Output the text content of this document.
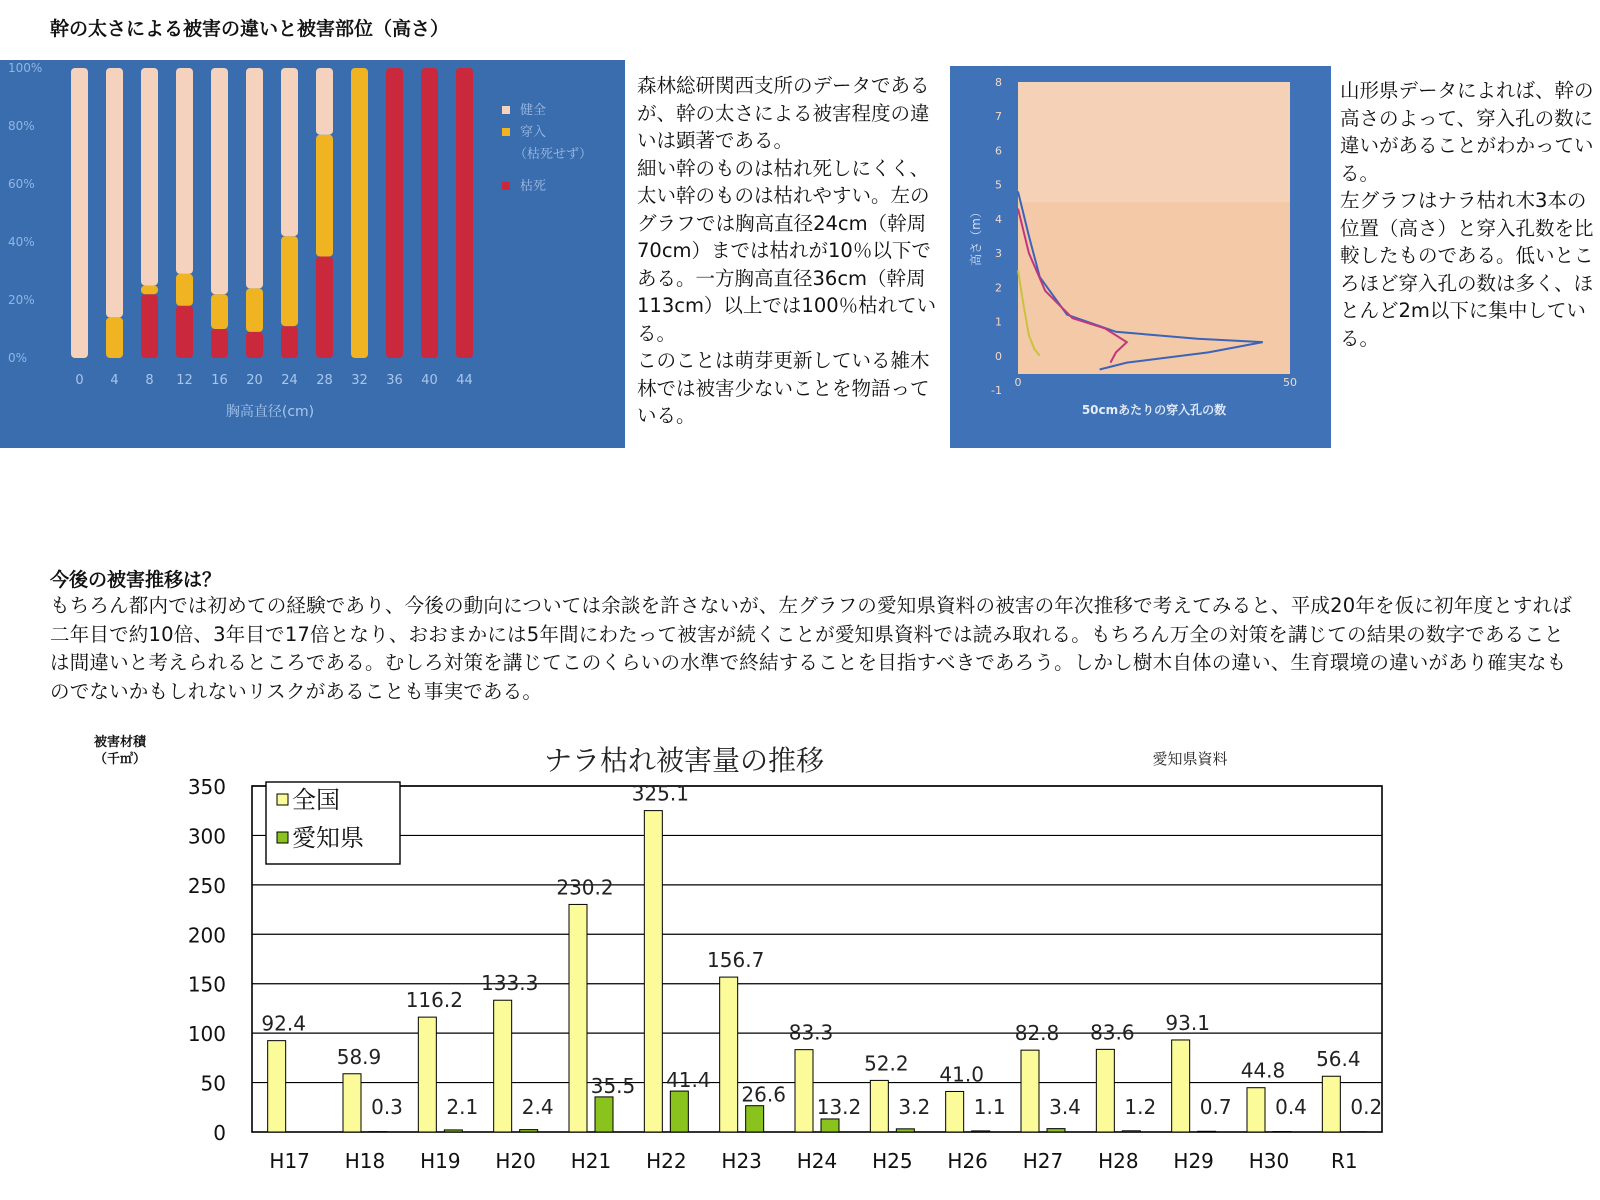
幹の太さによる被害の違いと被害部位（高さ）
0%
20%
40%
60%
80%
100%
0 4 8 12 16 20 24 28 32 36 40 44
胸高直径(cm)
健全
穿入
（枯死せず）
枯死
森林総研関西支所のデータであるが、幹の太さによる被害程度の違いは顕著である。
細い幹のものは枯れ死しにくく、太い幹のものは枯れやすい。左のグラフでは胸高直径24cm（幹周70cm）までは枯れが10％以下である。一方胸高直径36cm（幹周113cm）以上では100％枯れている。
このことは萌芽更新している雑木林では被害少ないことを物語っている。
-1
0
1
2
3
4
5
6
7
8
0	50
高さ（m）
50cmあたりの穿入孔の数
山形県データによれば、幹の高さのよって、穿入孔の数に違いがあることがわかっている。
左グラフはナラ枯れ木3本の位置（高さ）と穿入孔数を比較したものである。低いところほど穿入孔の数は多く、ほとんど2m以下に集中している。
今後の被害推移は？
もちろん都内では初めての経験であり、今後の動向については余談を許さないが、左グラフの愛知県資料の被害の年次推移で考えてみると、平成20年を仮に初年度とすれば二年目で約10倍、3年目で17倍となり、おおまかには5年間にわたって被害が続くことが愛知県資料では読み取れる。もちろん万全の対策を講じての結果の数字であることは間違いと考えられるところである。むしろ対策を講じてこのくらいの水準で終結することを目指すべきであろう。しかし樹木自体の違い、生育環境の違いがあり確実なものでないかもしれないリスクがあることも事実である。
0
50
100
150
200
250
300
350
被害材積
（千㎥）	ナラ枯れ被害量の推移	愛知県資料
92.4
H17
58.9
0.3
H18
116.2
2.1
H19
133.3
2.4
H20
230.2
35.5
H21
325.1
41.4
H22
156.7
26.6
H23
83.3
13.2
H24
52.2
3.2
H25
41.0
1.1
H26
82.8
3.4
H27
83.6
1.2
H28
93.1
0.7
H29
44.8
0.4
H30
56.4
0.2
R1
全国
愛知県
